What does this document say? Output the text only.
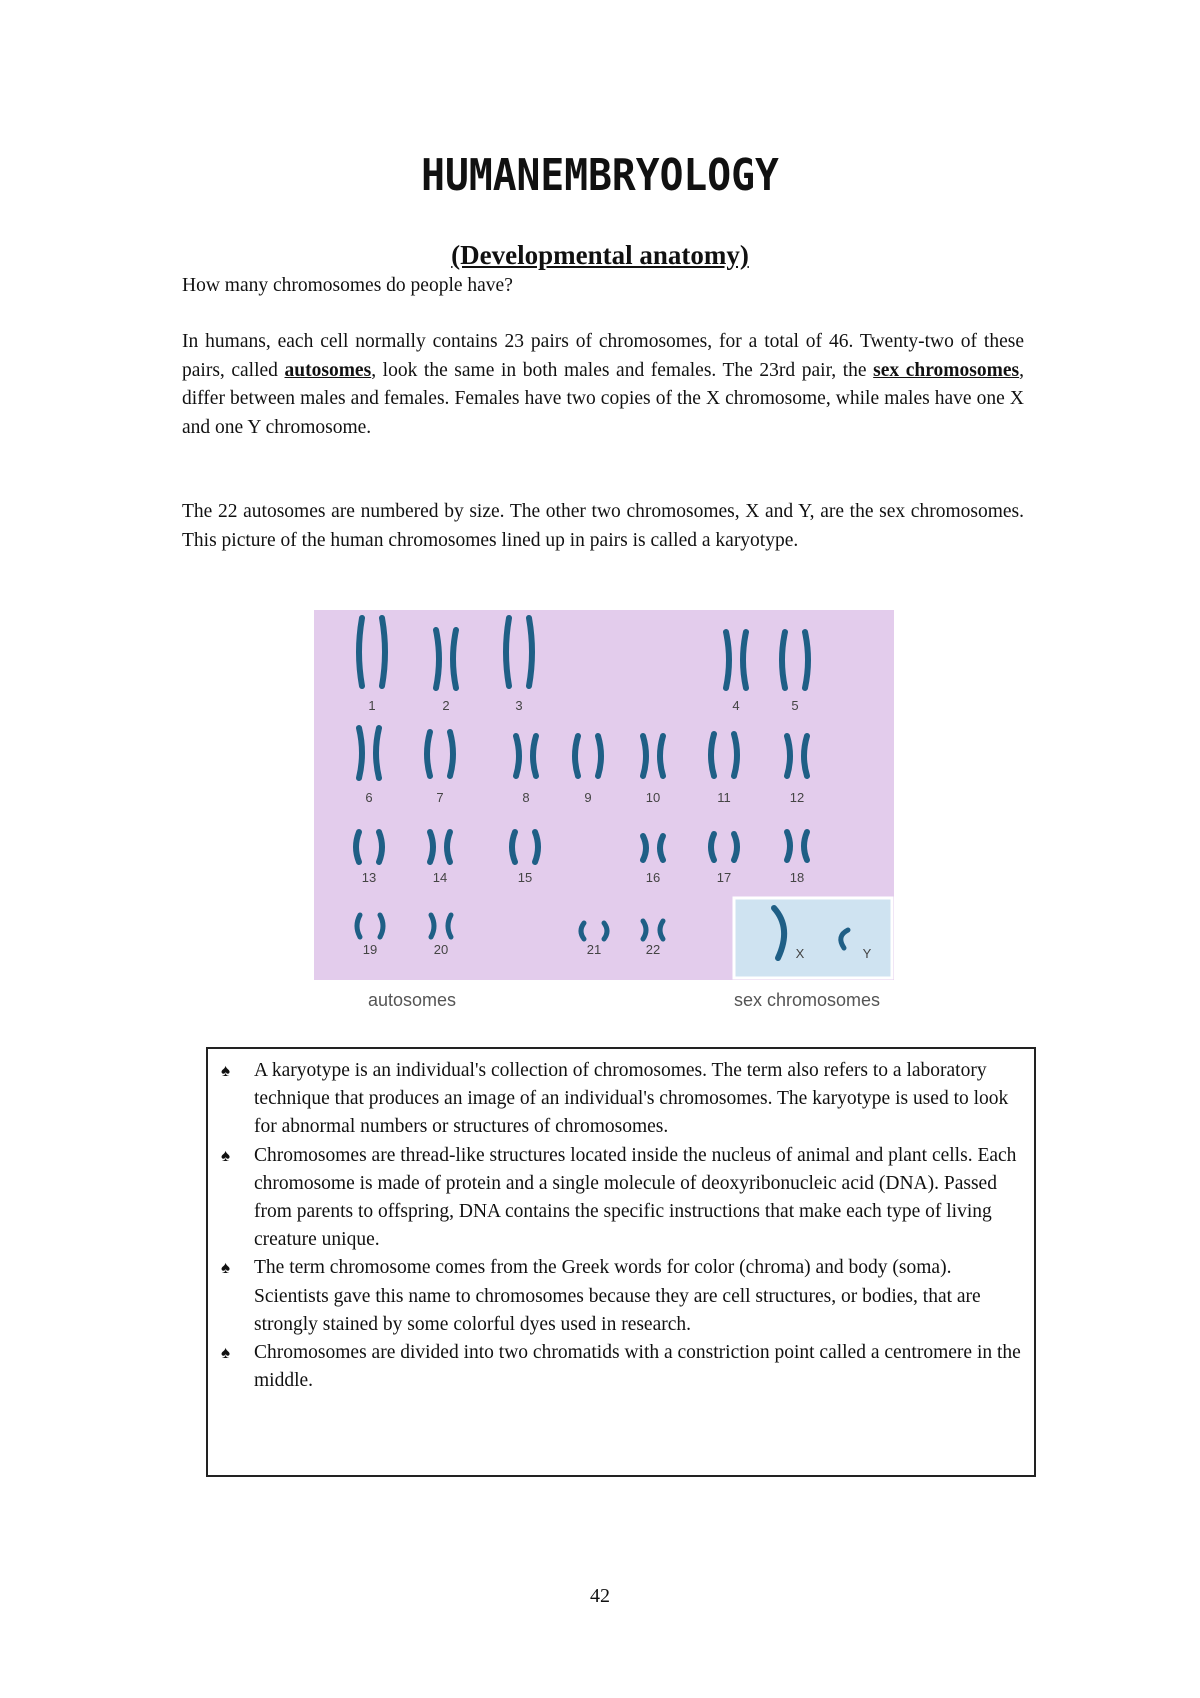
HUMANEMBRYOLOGY
(Developmental anatomy)
How many chromosomes do people have?
In humans, each cell normally contains 23 pairs of chromosomes, for a total of 46. Twenty-two of these pairs, called autosomes, look the same in both males and females. The 23rd pair, the sex chromosomes, differ between males and females. Females have two copies of the X chromosome, while males have one X and one Y chromosome.
The 22 autosomes are numbered by size. The other two chromosomes, X and Y, are the sex chromosomes. This picture of the human chromosomes lined up in pairs is called a karyotype.
1	2	3	4	5
6	7	8	9	10	11	12
13	14	15	16	17	18
19	20	21	22	X	Y
autosomes	sex chromosomes
♠ A karyotype is an individual's collection of chromosomes. The term also refers to a laboratory technique that produces an image of an individual's chromosomes. The karyotype is used to look for abnormal numbers or structures of chromosomes.
♠ Chromosomes are thread-like structures located inside the nucleus of animal and plant cells. Each chromosome is made of protein and a single molecule of deoxyribonucleic acid (DNA). Passed from parents to offspring, DNA contains the specific instructions that make each type of living creature unique.
♠ The term chromosome comes from the Greek words for color (chroma) and body (soma). Scientists gave this name to chromosomes because they are cell structures, or bodies, that are strongly stained by some colorful dyes used in research.
♠ Chromosomes are divided into two chromatids with a constriction point called a centromere in the middle.
42
